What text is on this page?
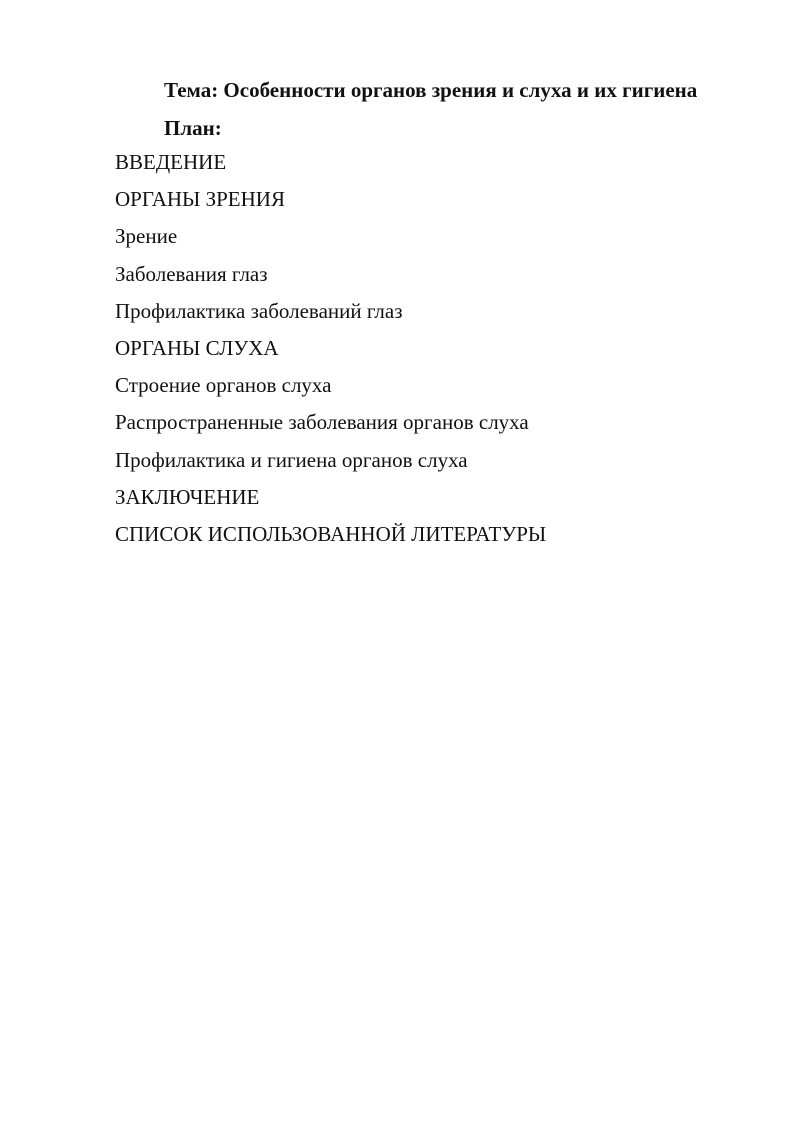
Тема: Особенности органов зрения и слуха и их гигиена
План:
ВВЕДЕНИЕ
ОРГАНЫ ЗРЕНИЯ
Зрение
Заболевания глаз
Профилактика заболеваний глаз
ОРГАНЫ СЛУХА
Строение органов слуха
Распространенные заболевания органов слуха
Профилактика и гигиена органов слуха
ЗАКЛЮЧЕНИЕ
СПИСОК ИСПОЛЬЗОВАННОЙ ЛИТЕРАТУРЫ
